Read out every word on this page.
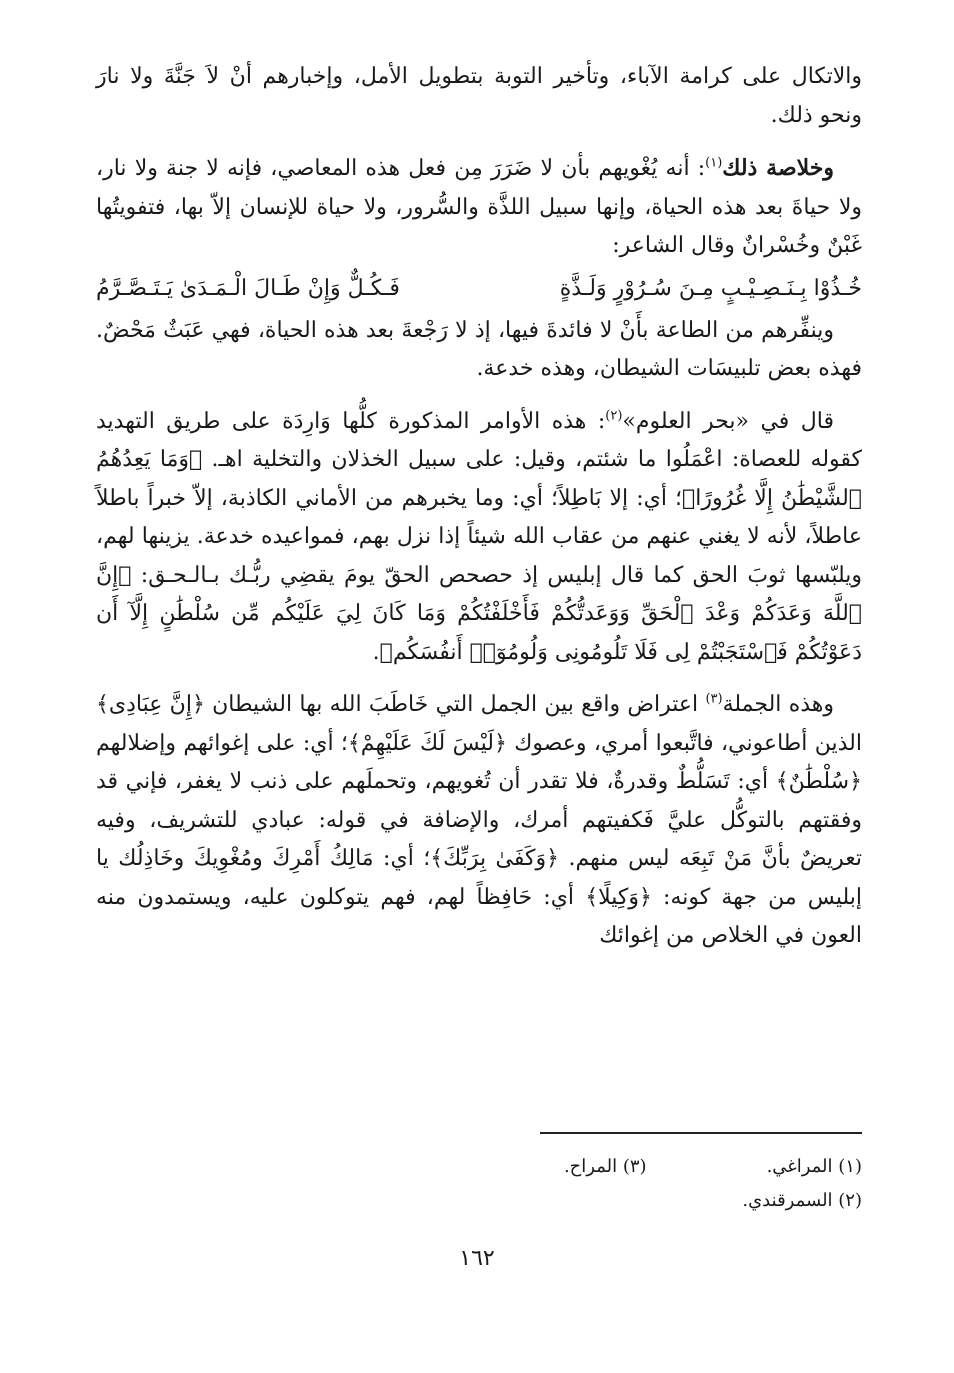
والاتكال على كرامة الآباء، وتأخير التوبة بتطويل الأمل، وإخبارهم أنْ لاَ جَنَّةَ ولا نارَ ونحو ذلك.

وخلاصة ذلك$^{(١)}$: أنه يُغْويهم بأن لا ضَرَرَ مِن فعل هذه المعاصي، فإنه لا جنة ولا نار، ولا حياةَ بعد هذه الحياة، وإنها سبيل اللذَّة والسُّرور، ولا حياة للإنسان إلاّ بها، فتفويتُها غَبْنٌ وخُسْرانٌ وقال الشاعر:

خُـذُوْا بِـنَـصِـيْـبٍ مِـنَ سُـرُوْرٍ وَلَـذَّةٍ
فَـكُـلٌّ وَإِنْ طَـالَ الْـمَـدَىٰ يَـتَـصَّـرَّمُ

وينفِّرهم من الطاعة بأَنْ لا فائدةَ فيها، إذ لا رَجْعةَ بعد هذه الحياة، فهي عَبَثٌ مَحْضٌ. فهذه بعض تلبيسَات الشيطان، وهذه خدعة.

قال في «بحر العلوم»$^{(٢)}$: هذه الأوامر المذكورة كلُّها وَارِدَة على طريق التهديد كقوله للعصاة: اعْمَلُوا ما شئتم، وقيل: على سبيل الخذلان والتخلية اهـ. ﴿وَمَا يَعِدُهُمُ ٱلشَّيْطَٰنُ إِلَّا غُرُورًا﴾؛ أي: إلا بَاطِلاً؛ أي: وما يخبرهم من الأماني الكاذبة، إلاّ خبراً باطلاً عاطلاً، لأنه لا يغني عنهم من عقاب الله شيئاً إذا نزل بهم، فمواعيده خدعة. يزينها لهم، ويلبّسها ثوبَ الحق كما قال إبليس إذ حصحص الحقّ يومَ يقضِي ربُّـك بـالـحـق: ﴿إِنَّ ٱللَّهَ وَعَدَكُمْ وَعْدَ ٱلْحَقِّ وَوَعَدتُّكُمْ فَأَخْلَفْتُكُمْ وَمَا كَانَ لِيَ عَلَيْكُم مِّن سُلْطَٰنٍ إِلَّآ أَن دَعَوْتُكُمْ فَٱسْتَجَبْتُمْ لِى فَلَا تَلُومُونِى وَلُومُوٓا۟ أَنفُسَكُم﴾.

وهذه الجملة$^{(٣)}$ اعتراض واقع بين الجمل التي خَاطَبَ الله بها الشيطان ﴿إِنَّ عِبَادِى﴾ الذين أطاعوني، فاتَّبعوا أمري، وعصوك ﴿لَيْسَ لَكَ عَلَيْهِمْ﴾؛ أي: على إغوائهم وإضلالهم ﴿سُلْطَٰنٌ﴾ أي: تَسَلُّطٌ وقدرةٌ، فلا تقدر أن تُغويهم، وتحملَهم على ذنب لا يغفر، فإني قد وفقتهم بالتوكُّل عليَّ فَكفيتهم أمرك، والإضافة في قوله: عبادي للتشريف، وفيه تعريضٌ بأنَّ مَنْ تَبِعَه ليس منهم. ﴿وَكَفَىٰ بِرَبِّكَ﴾؛ أي: مَالِكُ أَمْرِكَ ومُغْوِيكَ وخَاذِلُك يا إبليس من جهة كونه: ﴿وَكِيلًا﴾ أي: حَافِظاً لهم، فهم يتوكلون عليه، ويستمدون منه العون في الخلاص من إغوائك

(١) المراغي.
(٣) المراح.
(٢) السمرقندي.
١٦٢
